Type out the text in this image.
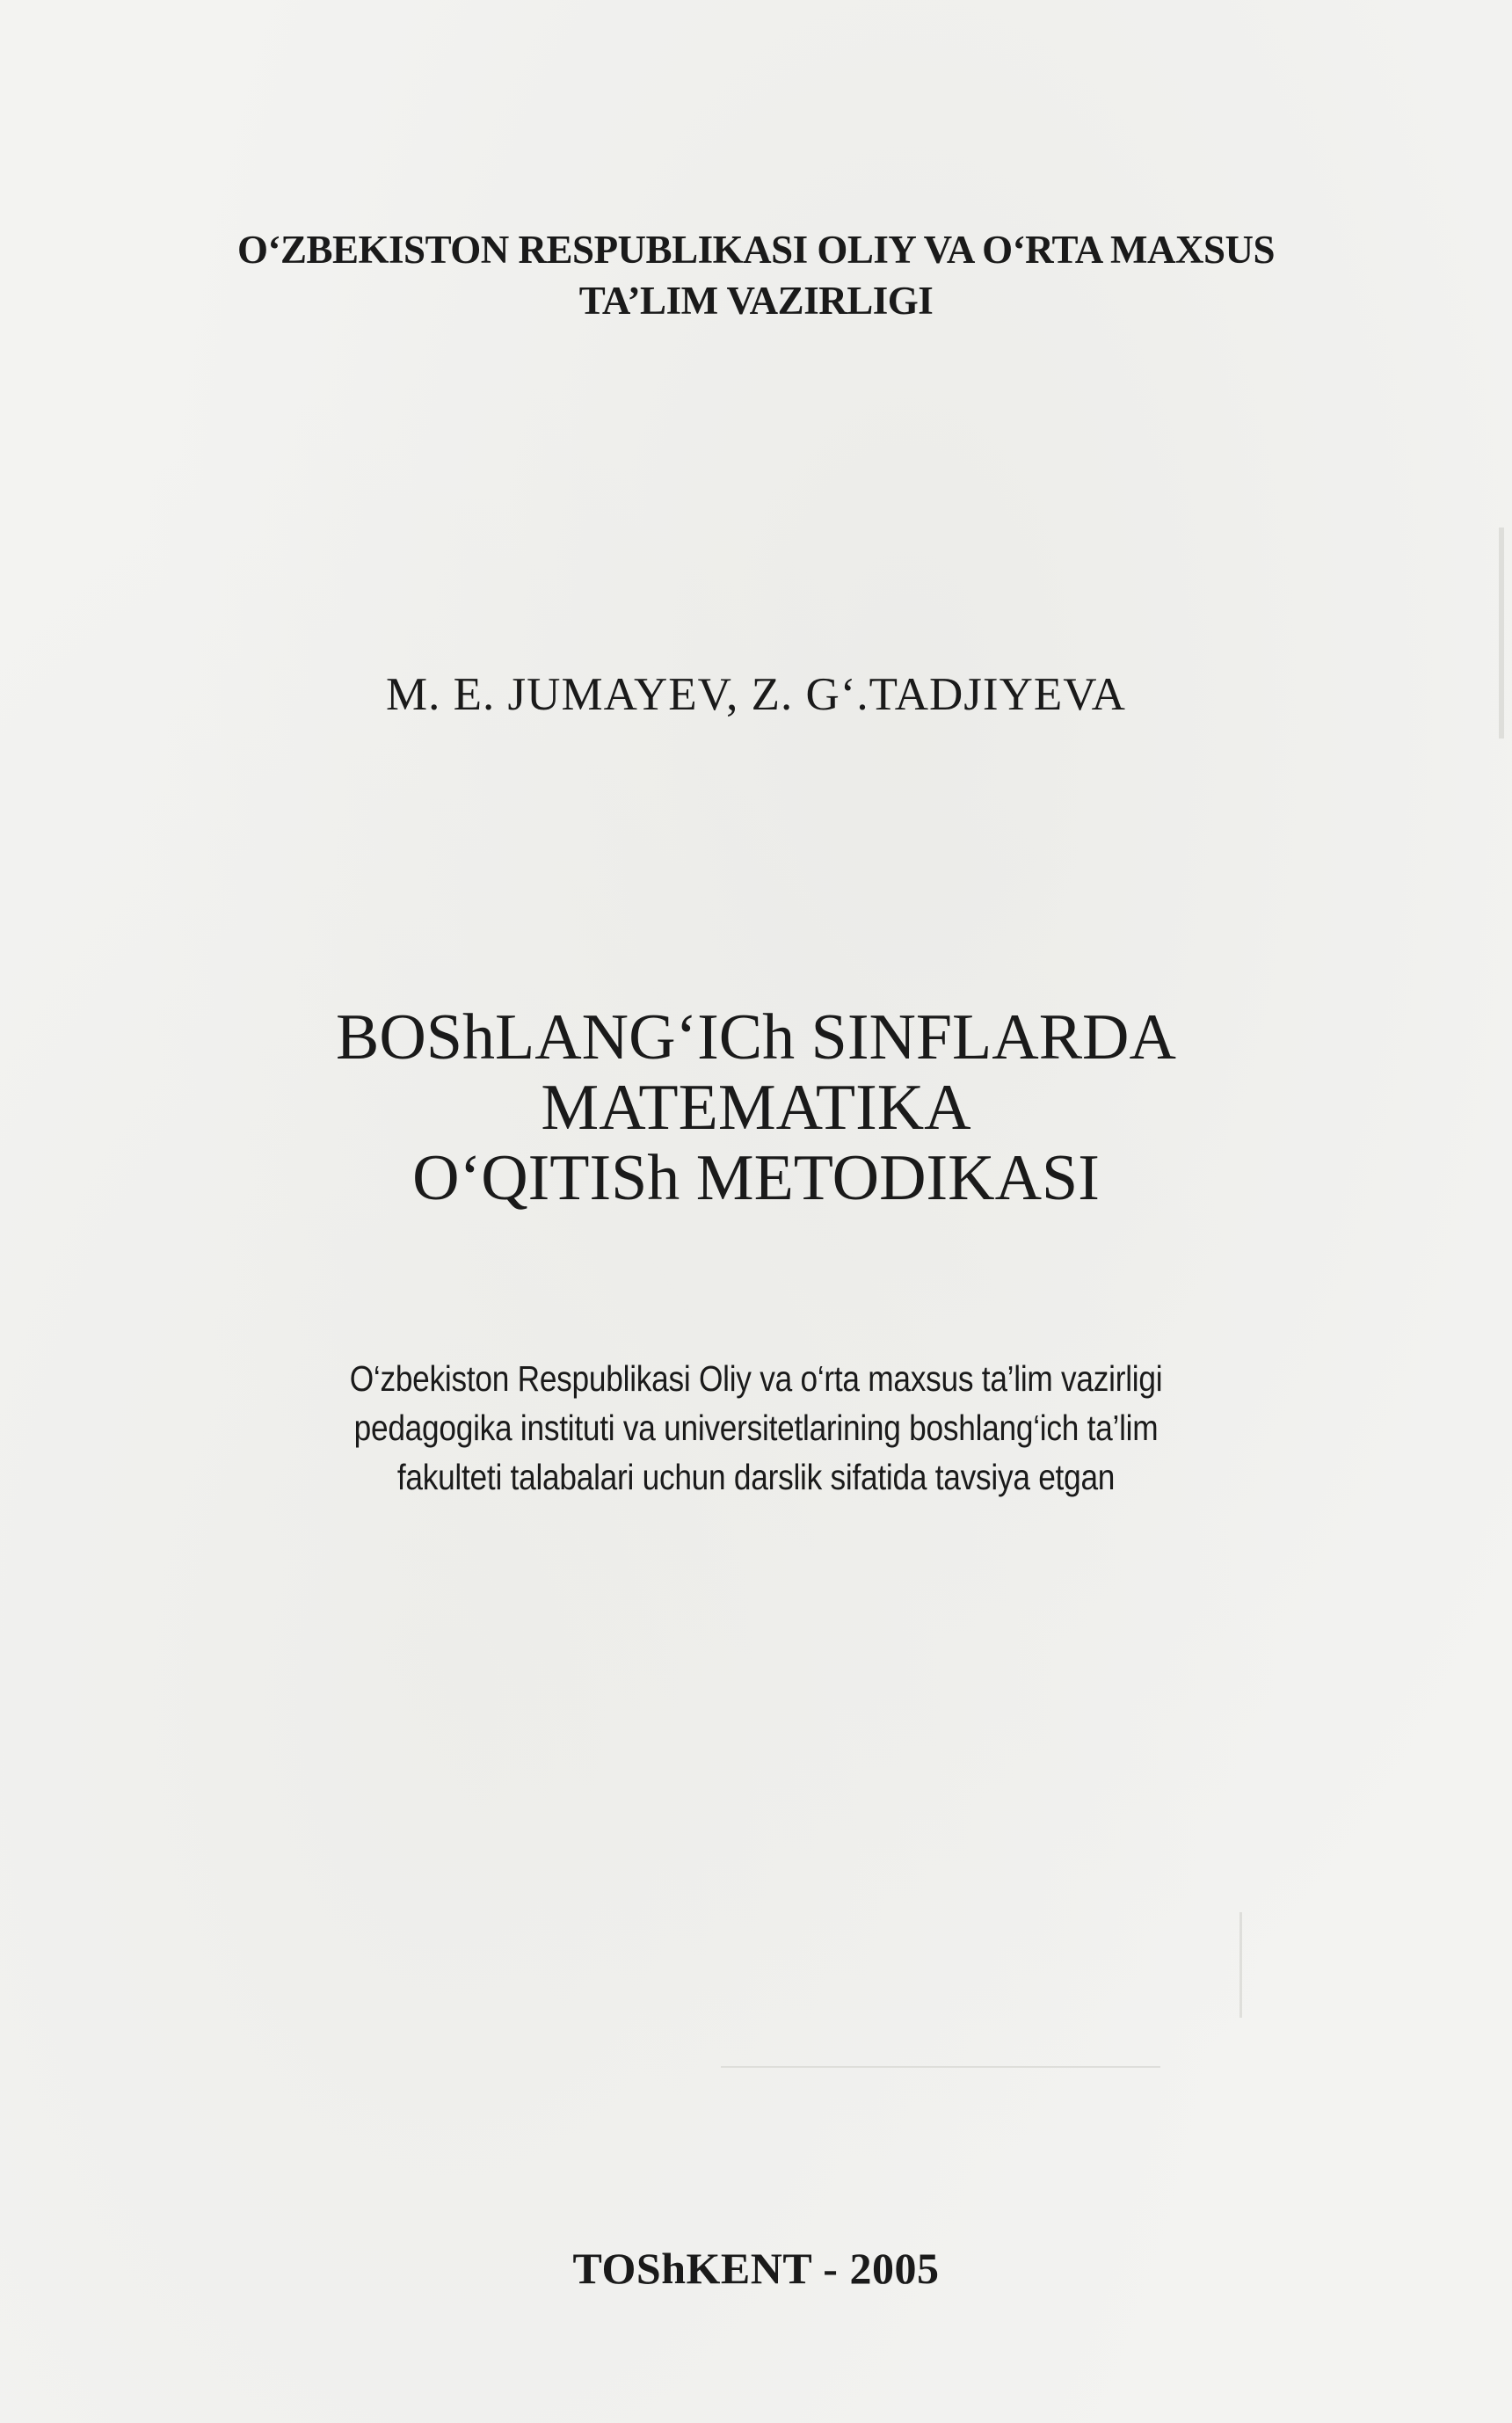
O‘ZBEKISTON RESPUBLIKASI OLIY VA O‘RTA MAXSUS
TA’LIM VAZIRLIGI
M. E. JUMAYEV, Z. G‘.TADJIYEVA
BOShLANG‘ICh SINFLARDA
MATEMATIKA
O‘QITISh METODIKASI
O‘zbekiston Respublikasi Oliy va o‘rta maxsus ta’lim vazirligi
pedagogika instituti va universitetlarining boshlang‘ich ta’lim
fakulteti talabalari uchun darslik sifatida tavsiya etgan
TOShKENT - 2005
